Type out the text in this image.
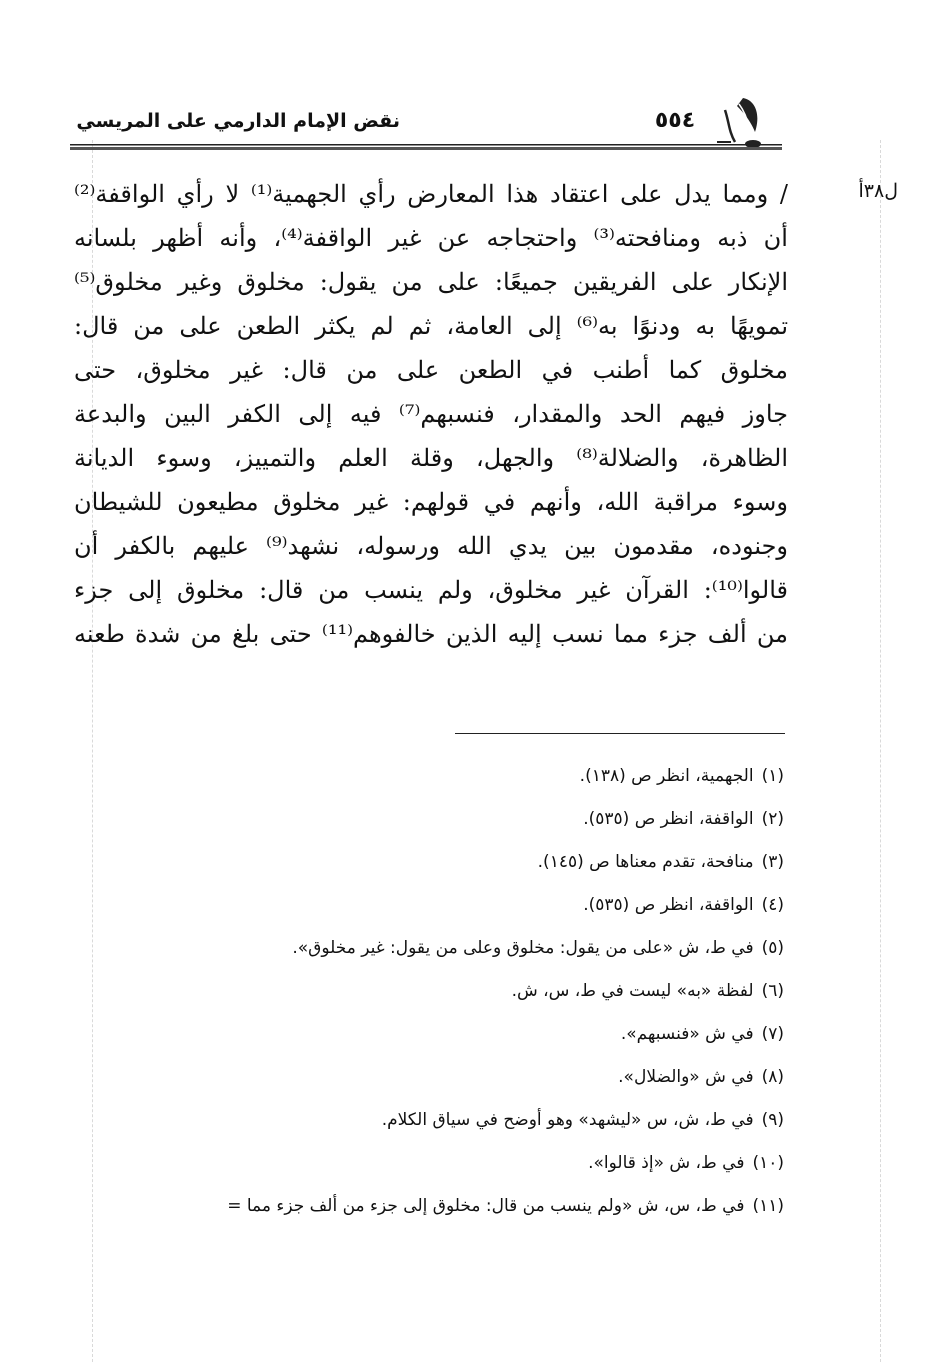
نقض الإمام الدارمي على المريسي	٥٥٤
ل٣٨أ
/ ومما يدل على اعتقاد هذا المعارض رأي الجهمية⁽¹⁾ لا رأي الواقفة⁽²⁾
أن ذبه ومنافحته⁽³⁾ واحتجاجه عن غير الواقفة⁽⁴⁾، وأنه أظهر بلسانه
الإنكار على الفريقين جميعًا: على من يقول: مخلوق وغير مخلوق⁽⁵⁾
تمويهًا به ودنوًا به⁽⁶⁾ إلى العامة، ثم لم يكثر الطعن على من قال:
مخلوق كما أطنب في الطعن على من قال: غير مخلوق، حتى
جاوز فيهم الحد والمقدار، فنسبهم⁽⁷⁾ فيه إلى الكفر البين والبدعة
الظاهرة، والضلالة⁽⁸⁾ والجهل، وقلة العلم والتمييز، وسوء الديانة
وسوء مراقبة الله، وأنهم في قولهم: غير مخلوق مطيعون للشيطان
وجنوده، مقدمون بين يدي الله ورسوله، نشهد⁽⁹⁾ عليهم بالكفر أن
قالوا⁽¹⁰⁾: القرآن غير مخلوق، ولم ينسب من قال: مخلوق إلى جزء
من ألف جزء مما نسب إليه الذين خالفوهم⁽¹¹⁾ حتى بلغ من شدة طعنه
(١)الجهمية، انظر ص (١٣٨).
(٢)الواقفة، انظر ص (٥٣٥).
(٣)منافحة، تقدم معناها ص (١٤٥).
(٤)الواقفة، انظر ص (٥٣٥).
(٥)في ط، ش «على من يقول: مخلوق وعلى من يقول: غير مخلوق».
(٦)لفظة «به» ليست في ط، س، ش.
(٧)في ش «فنسبهم».
(٨)في ش «والضلال».
(٩)في ط، ش، س «ليشهد» وهو أوضح في سياق الكلام.
(١٠)في ط، ش «إذ قالوا».
(١١)في ط، س، ش «ولم ينسب من قال: مخلوق إلى جزء من ألف جزء مما =
